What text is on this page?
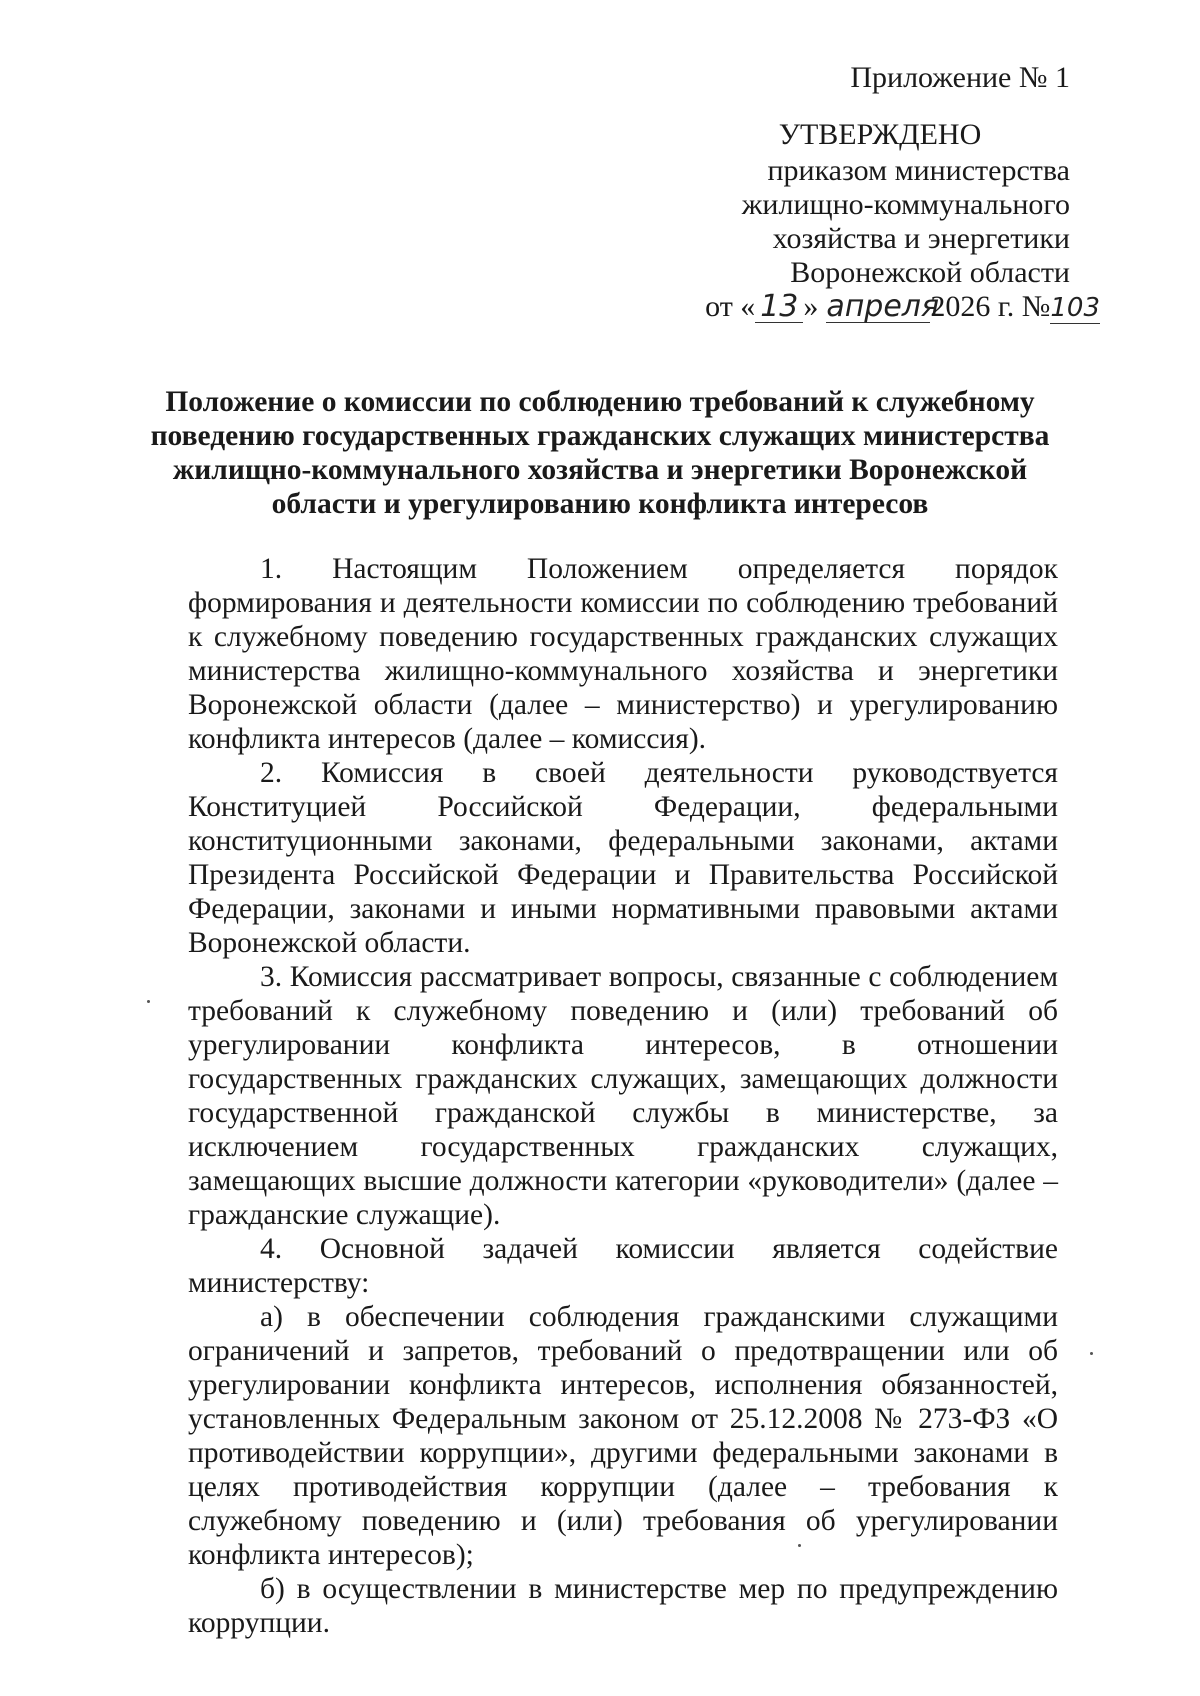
Приложение № 1
УТВЕРЖДЕНО
приказом министерства
жилищно-коммунального
хозяйства и энергетики
Воронежской области
от « 13 » апреля2026 г. №103
Положение о комиссии по соблюдению требований к служебному поведению государственных гражданских служащих министерства жилищно-коммунального хозяйства и энергетики Воронежской области и урегулированию конфликта интересов

1. Настоящим Положением определяется порядок формирования и деятельности комиссии по соблюдению требований к служебному поведению государственных гражданских служащих министерства жилищно-коммунального хозяйства и энергетики Воронежской области (далее – министерство) и урегулированию конфликта интересов (далее – комиссия).

2. Комиссия в своей деятельности руководствуется Конституцией Российской Федерации, федеральными конституционными законами, федеральными законами, актами Президента Российской Федерации и Правительства Российской Федерации, законами и иными нормативными правовыми актами Воронежской области.

3. Комиссия рассматривает вопросы, связанные с соблюдением требований к служебному поведению и (или) требований об урегулировании конфликта интересов, в отношении государственных гражданских служащих, замещающих должности государственной гражданской службы в министерстве, за исключением государственных гражданских служащих, замещающих высшие должности категории «руководители» (далее – гражданские служащие).

4. Основной задачей комиссии является содействие министерству:

а) в обеспечении соблюдения гражданскими служащими ограничений и запретов, требований о предотвращении или об урегулировании конфликта интересов, исполнения обязанностей, установленных Федеральным законом от 25.12.2008 № 273-ФЗ «О противодействии коррупции», другими федеральными законами в целях противодействия коррупции (далее – требования к служебному поведению и (или) требования об урегулировании конфликта интересов);

б) в осуществлении в министерстве мер по предупреждению коррупции.
